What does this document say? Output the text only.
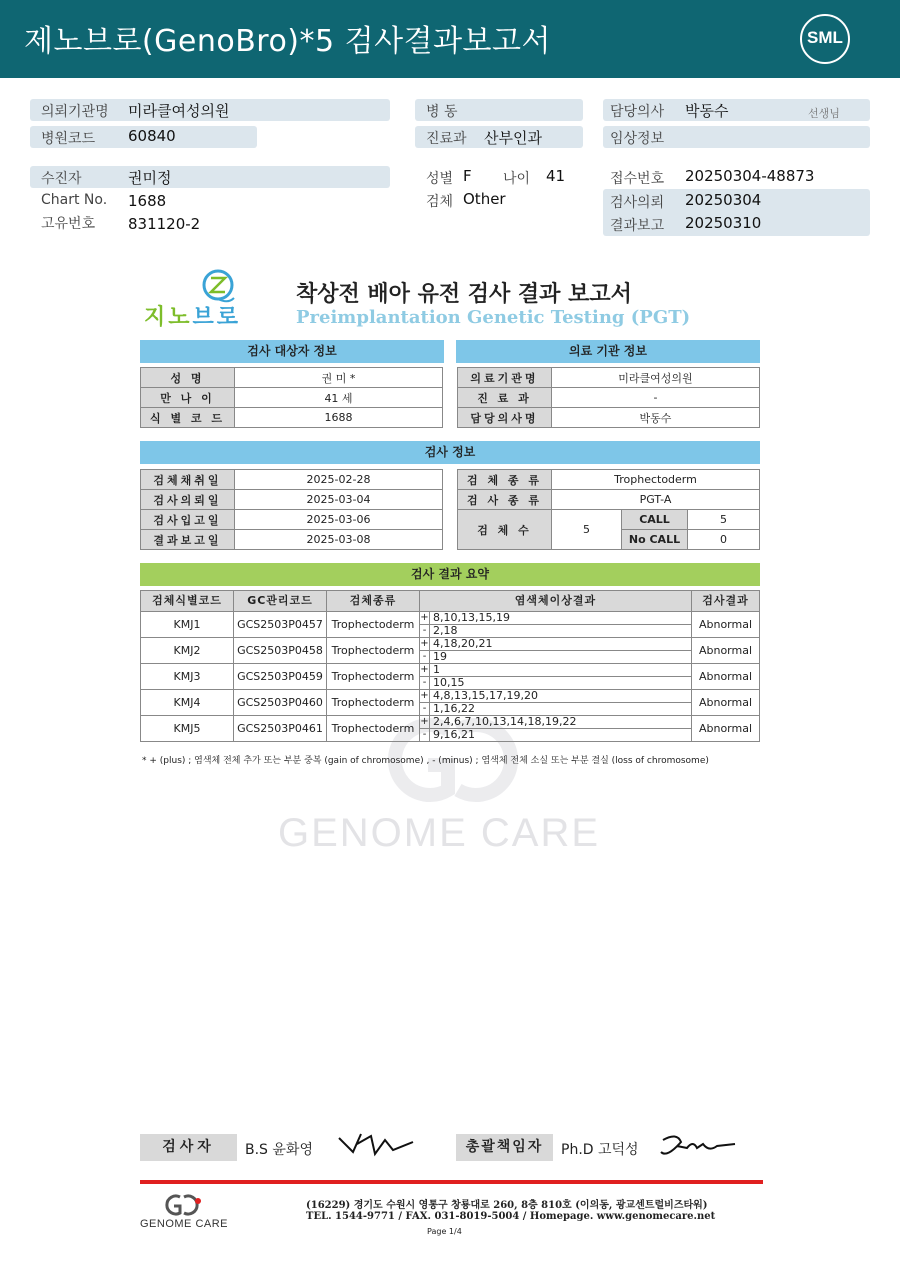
제노브로(GenoBro)*5 검사결과보고서	SML
의뢰기관명 미라클여성의원
병원코드 60840
병 동
진료과 산부인과
담당의사 박동수	선생님
임상정보
수진자	권미정
Chart No. 1688
고유번호 831120-2
성별 F 나이 41
검체 Other
접수번호 20250304-48873
검사의뢰 20250304
결과보고 20250310
지노브로
착상전 배아 유전 검사 결과 보고서
Preimplantation Genetic Testing (PGT)
검사 대상자 정보	의료 기관 정보
성 명	권 미 *
만 나 이	41 세
식 별 코 드	1688
의료기관명	미라클여성의원
진 료 과	-
담당의사명	박동수
검사 정보
검체채취일	2025-02-28
검사의뢰일	2025-03-04
검사입고일	2025-03-06
결과보고일	2025-03-08
검 체 종 류	Trophectoderm		
검 사 종 류	PGT-A		
검 체 수	5	CALL	5
		No CALL	0
GENOME CARE
검사 결과 요약
검체식별코드	GC관리코드	검체종류	염색체이상결과		검사결과
KMJ1	GCS2503P0457	Trophectoderm	+	8,10,13,15,19	Abnormal
			-	2,18	
KMJ2	GCS2503P0458	Trophectoderm	+	4,18,20,21	Abnormal
			-	19	
KMJ3	GCS2503P0459	Trophectoderm	+	1	Abnormal
			-	10,15	
KMJ4	GCS2503P0460	Trophectoderm	+	4,8,13,15,17,19,20	Abnormal
			-	1,16,22	
KMJ5	GCS2503P0461	Trophectoderm	+	2,4,6,7,10,13,14,18,19,22	Abnormal
			-	9,16,21	
* + (plus) ; 염색체 전체 추가 또는 부분 중복 (gain of chromosome) , - (minus) ; 염색체 전체 소실 또는 부분 결실 (loss of chromosome)
검사자	B.S 윤화영	총괄책임자	Ph.D 고덕성
GENOME CARE
(16229) 경기도 수원시 영통구 창룡대로 260, 8층 810호 (이의동, 광교센트럴비즈타워)
TEL. 1544-9771 / FAX. 031-8019-5004 / Homepage. www.genomecare.net
Page 1/4
